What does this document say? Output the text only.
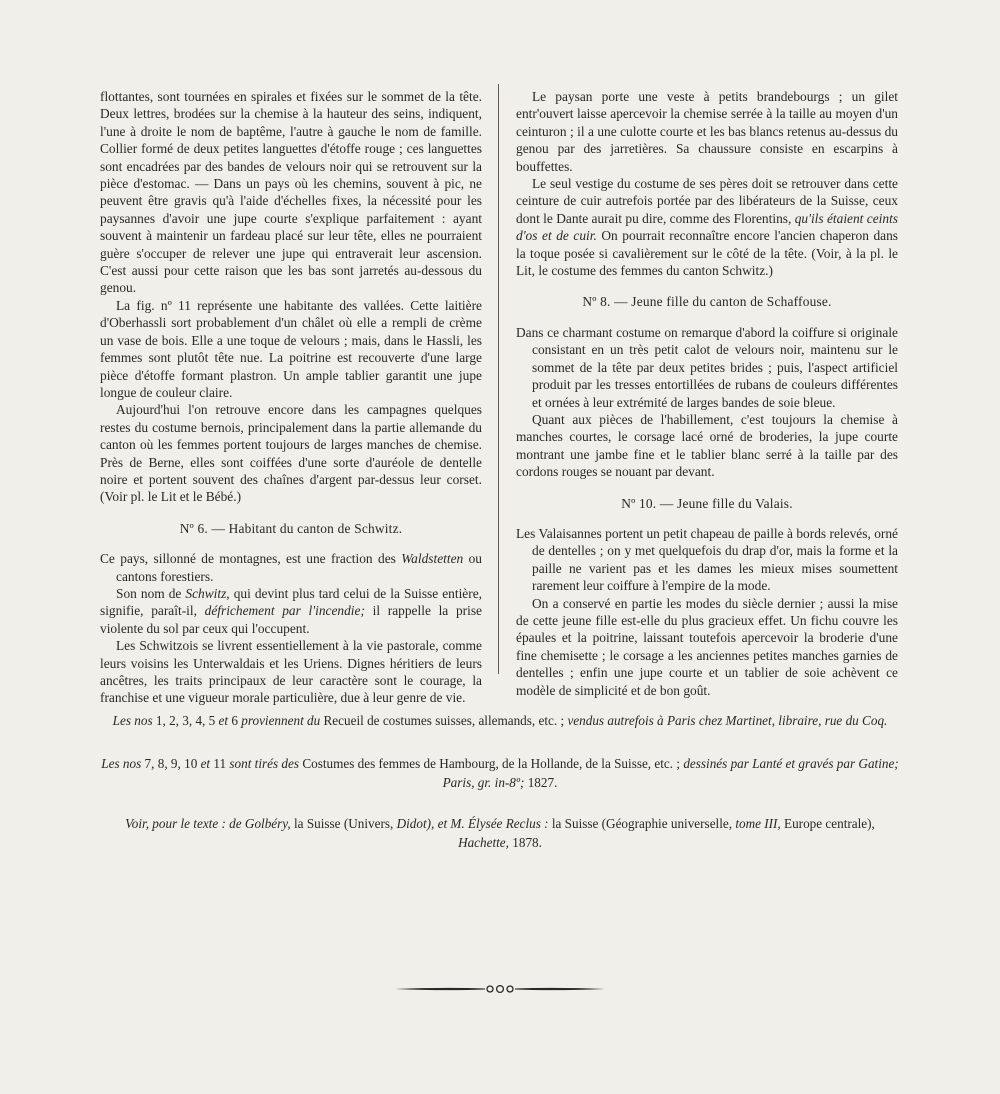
flottantes, sont tournées en spirales et fixées sur le sommet de la tête. Deux lettres, brodées sur la chemise à la hauteur des seins, indiquent, l'une à droite le nom de baptême, l'autre à gauche le nom de famille. Collier formé de deux petites languettes d'étoffe rouge ; ces languettes sont encadrées par des bandes de velours noir qui se retrouvent sur la pièce d'estomac. — Dans un pays où les chemins, souvent à pic, ne peuvent être gravis qu'à l'aide d'échelles fixes, la nécessité pour les paysannes d'avoir une jupe courte s'explique parfaitement : ayant souvent à maintenir un fardeau placé sur leur tête, elles ne pourraient guère s'occuper de relever une jupe qui entraverait leur ascension. C'est aussi pour cette raison que les bas sont jarretés au-dessous du genou.

La fig. nº 11 représente une habitante des vallées. Cette laitière d'Oberhassli sort probablement d'un châlet où elle a rempli de crème un vase de bois. Elle a une toque de velours ; mais, dans le Hassli, les femmes sont plutôt tête nue. La poitrine est recouverte d'une large pièce d'étoffe formant plastron. Un ample tablier garantit une jupe longue de couleur claire.

Aujourd'hui l'on retrouve encore dans les campagnes quelques restes du costume bernois, principalement dans la partie allemande du canton où les femmes portent toujours de larges manches de chemise. Près de Berne, elles sont coiffées d'une sorte d'auréole de dentelle noire et portent souvent des chaînes d'argent par-dessus leur corset. (Voir pl. le Lit et le Bébé.)

Nº 6. — Habitant du canton de Schwitz.

Ce pays, sillonné de montagnes, est une fraction des Waldstetten ou cantons forestiers.

Son nom de Schwitz, qui devint plus tard celui de la Suisse entière, signifie, paraît-il, défrichement par l'incendie; il rappelle la prise violente du sol par ceux qui l'occupent.

Les Schwitzois se livrent essentiellement à la vie pastorale, comme leurs voisins les Unterwaldais et les Uriens. Dignes héritiers de leurs ancêtres, les traits principaux de leur caractère sont le courage, la franchise et une vigueur morale particulière, due à leur genre de vie.

Le paysan porte une veste à petits brandebourgs ; un gilet entr'ouvert laisse apercevoir la chemise serrée à la taille au moyen d'un ceinturon ; il a une culotte courte et les bas blancs retenus au-dessus du genou par des jarretières. Sa chaussure consiste en escarpins à bouffettes.

Le seul vestige du costume de ses pères doit se retrouver dans cette ceinture de cuir autrefois portée par des libérateurs de la Suisse, ceux dont le Dante aurait pu dire, comme des Florentins, qu'ils étaient ceints d'os et de cuir. On pourrait reconnaître encore l'ancien chaperon dans la toque posée si cavalièrement sur le côté de la tête. (Voir, à la pl. le Lit, le costume des femmes du canton Schwitz.)

Nº 8. — Jeune fille du canton de Schaffouse.

Dans ce charmant costume on remarque d'abord la coiffure si originale consistant en un très petit calot de velours noir, maintenu sur le sommet de la tête par deux petites brides ; puis, l'aspect artificiel produit par les tresses entortillées de rubans de couleurs différentes et ornées à leur extrémité de larges bandes de soie bleue.

Quant aux pièces de l'habillement, c'est toujours la chemise à manches courtes, le corsage lacé orné de broderies, la jupe courte montrant une jambe fine et le tablier blanc serré à la taille par des cordons rouges se nouant par devant.

Nº 10. — Jeune fille du Valais.

Les Valaisannes portent un petit chapeau de paille à bords relevés, orné de dentelles ; on y met quelquefois du drap d'or, mais la forme et la paille ne varient pas et les dames les mieux mises soumettent rarement leur coiffure à l'empire de la mode.

On a conservé en partie les modes du siècle dernier ; aussi la mise de cette jeune fille est-elle du plus gracieux effet. Un fichu couvre les épaules et la poitrine, laissant toutefois apercevoir la broderie d'une fine chemisette ; le corsage a les anciennes petites manches garnies de dentelles ; enfin une jupe courte et un tablier de soie achèvent ce modèle de simplicité et de bon goût.

Les nos 1, 2, 3, 4, 5 et 6 proviennent du Recueil de costumes suisses, allemands, etc. ; vendus autrefois à Paris chez Martinet, libraire, rue du Coq.
Les nos 7, 8, 9, 10 et 11 sont tirés des Costumes des femmes de Hambourg, de la Hollande, de la Suisse, etc. ; dessinés par Lanté et gravés par Gatine; Paris, gr. in-8º; 1827.
Voir, pour le texte : de Golbéry, la Suisse (Univers, Didot), et M. Élysée Reclus : la Suisse (Géographie universelle, tome III, Europe centrale), Hachette, 1878.
